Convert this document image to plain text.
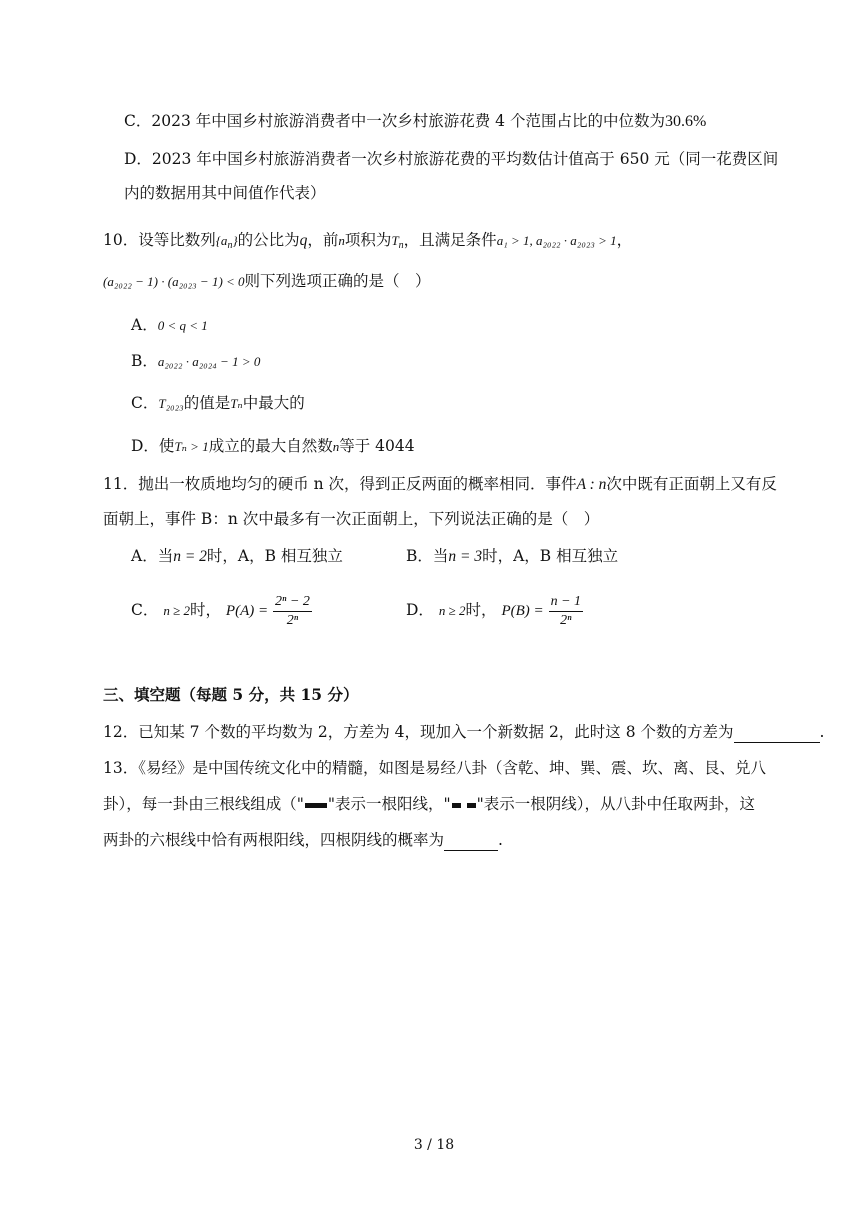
C．2023 年中国乡村旅游消费者中一次乡村旅游花费 4 个范围占比的中位数为30.6%
D．2023 年中国乡村旅游消费者一次乡村旅游花费的平均数估计值高于 650 元（同一花费区间
内的数据用其中间值作代表）
10．设等比数列$\{a_n\}$的公比为q，前n项积为$T_n$，且满足条件a₁ > 1, a₂₀₂₂ · a₂₀₂₃ > 1，
(a₂₀₂₂ − 1) · (a₂₀₂₃ − 1) < 0则下列选项正确的是（　）
A．0 < q < 1
B．a₂₀₂₂ · a₂₀₂₄ − 1 > 0
C．T₂₀₂₃的值是Tₙ中最大的
D．使Tₙ > 1成立的最大自然数n等于 4044
11．抛出一枚质地均匀的硬币 n 次，得到正反两面的概率相同．事件A : n次中既有正面朝上又有反
面朝上，事件 B：n 次中最多有一次正面朝上，下列说法正确的是（　）
A．当n = 2时，A，B 相互独立	B．当n = 3时，A，B 相互独立
C． n ≥ 2时， $P(A) = \frac{\text{2ⁿ − 2}}{\text{2ⁿ}}$	D． n ≥ 2时， $P(B) = \frac{n - 1}{\text{2ⁿ}}$
三、填空题（每题 5 分，共 15 分）
12．已知某 7 个数的平均数为 2，方差为 4，现加入一个新数据 2，此时这 8 个数的方差为	.
13．《易经》是中国传统文化中的精髓，如图是易经八卦（含乾、坤、巽、震、坎、离、艮、兑八
卦），每一卦由三根线组成（" "表示一根阳线，" "表示一根阴线），从八卦中任取两卦，这
两卦的六根线中恰有两根阳线，四根阴线的概率为	.
3 / 18
